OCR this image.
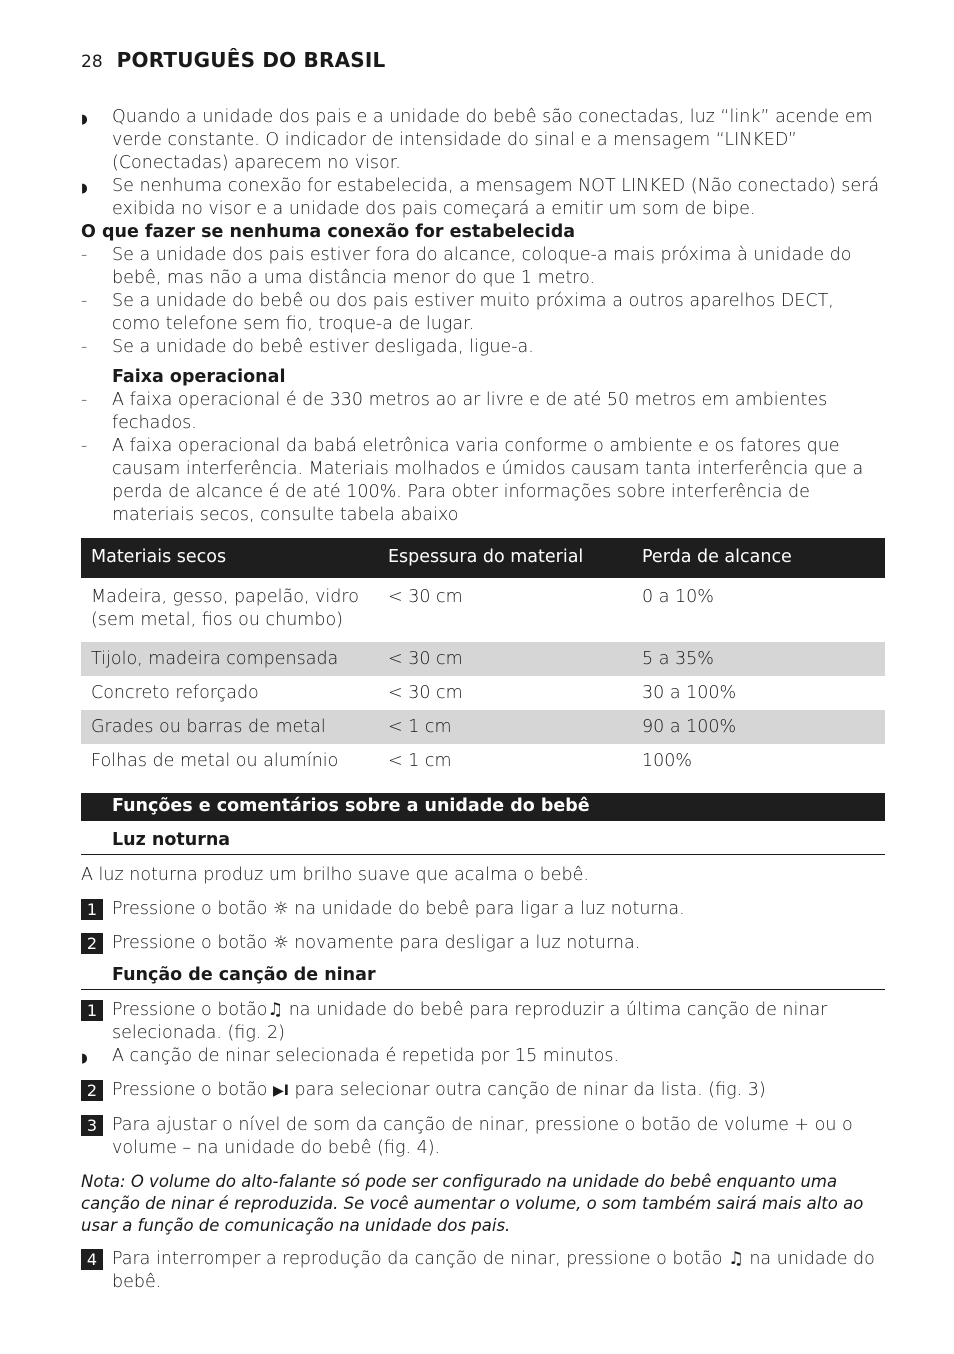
28 PORTUGUÊS DO BRASIL
◗	Quando a unidade dos pais e a unidade do bebê são conectadas, luz “link” acende em verde constante. O indicador de intensidade do sinal e a mensagem “LINKED” (Conectadas) aparecem no visor.
◗	Se nenhuma conexão for estabelecida, a mensagem NOT LINKED (Não conectado) será exibida no visor e a unidade dos pais começará a emitir um som de bipe.
O que fazer se nenhuma conexão for estabelecida
-	Se a unidade dos pais estiver fora do alcance, coloque-a mais próxima à unidade do bebê, mas não a uma distância menor do que 1 metro.
-	Se a unidade do bebê ou dos pais estiver muito próxima a outros aparelhos DECT, como telefone sem fio, troque-a de lugar.
-	Se a unidade do bebê estiver desligada, ligue-a.
Faixa operacional
-	A faixa operacional é de 330 metros ao ar livre e de até 50 metros em ambientes fechados.
-	A faixa operacional da babá eletrônica varia conforme o ambiente e os fatores que causam interferência. Materiais molhados e úmidos causam tanta interferência que a perda de alcance é de até 100%. Para obter informações sobre interferência de materiais secos, consulte tabela abaixo
Materiais secos	Espessura do material	Perda de alcance
Madeira, gesso, papelão, vidro (sem metal, fios ou chumbo)	< 30 cm	0 a 10%
Tijolo, madeira compensada	< 30 cm	5 a 35%
Concreto reforçado	< 30 cm	30 a 100%
Grades ou barras de metal	< 1 cm	90 a 100%
Folhas de metal ou alumínio	< 1 cm	100%
Funções e comentários sobre a unidade do bebê
Luz noturna
A luz noturna produz um brilho suave que acalma o bebê.
1 Pressione o botão ☼ na unidade do bebê para ligar a luz noturna.
2 Pressione o botão ☼ novamente para desligar a luz noturna.
Função de canção de ninar
1 Pressione o botão♫ na unidade do bebê para reproduzir a última canção de ninar selecionada. (fig. 2)
◗	A canção de ninar selecionada é repetida por 15 minutos.
2 Pressione o botão ▶I para selecionar outra canção de ninar da lista. (fig. 3)
3 Para ajustar o nível de som da canção de ninar, pressione o botão de volume + ou o volume – na unidade do bebê (fig. 4).
Nota: O volume do alto-falante só pode ser configurado na unidade do bebê enquanto uma canção de ninar é reproduzida. Se você aumentar o volume, o som também sairá mais alto ao usar a função de comunicação na unidade dos pais.
4 Para interromper a reprodução da canção de ninar, pressione o botão ♫ na unidade do bebê.
